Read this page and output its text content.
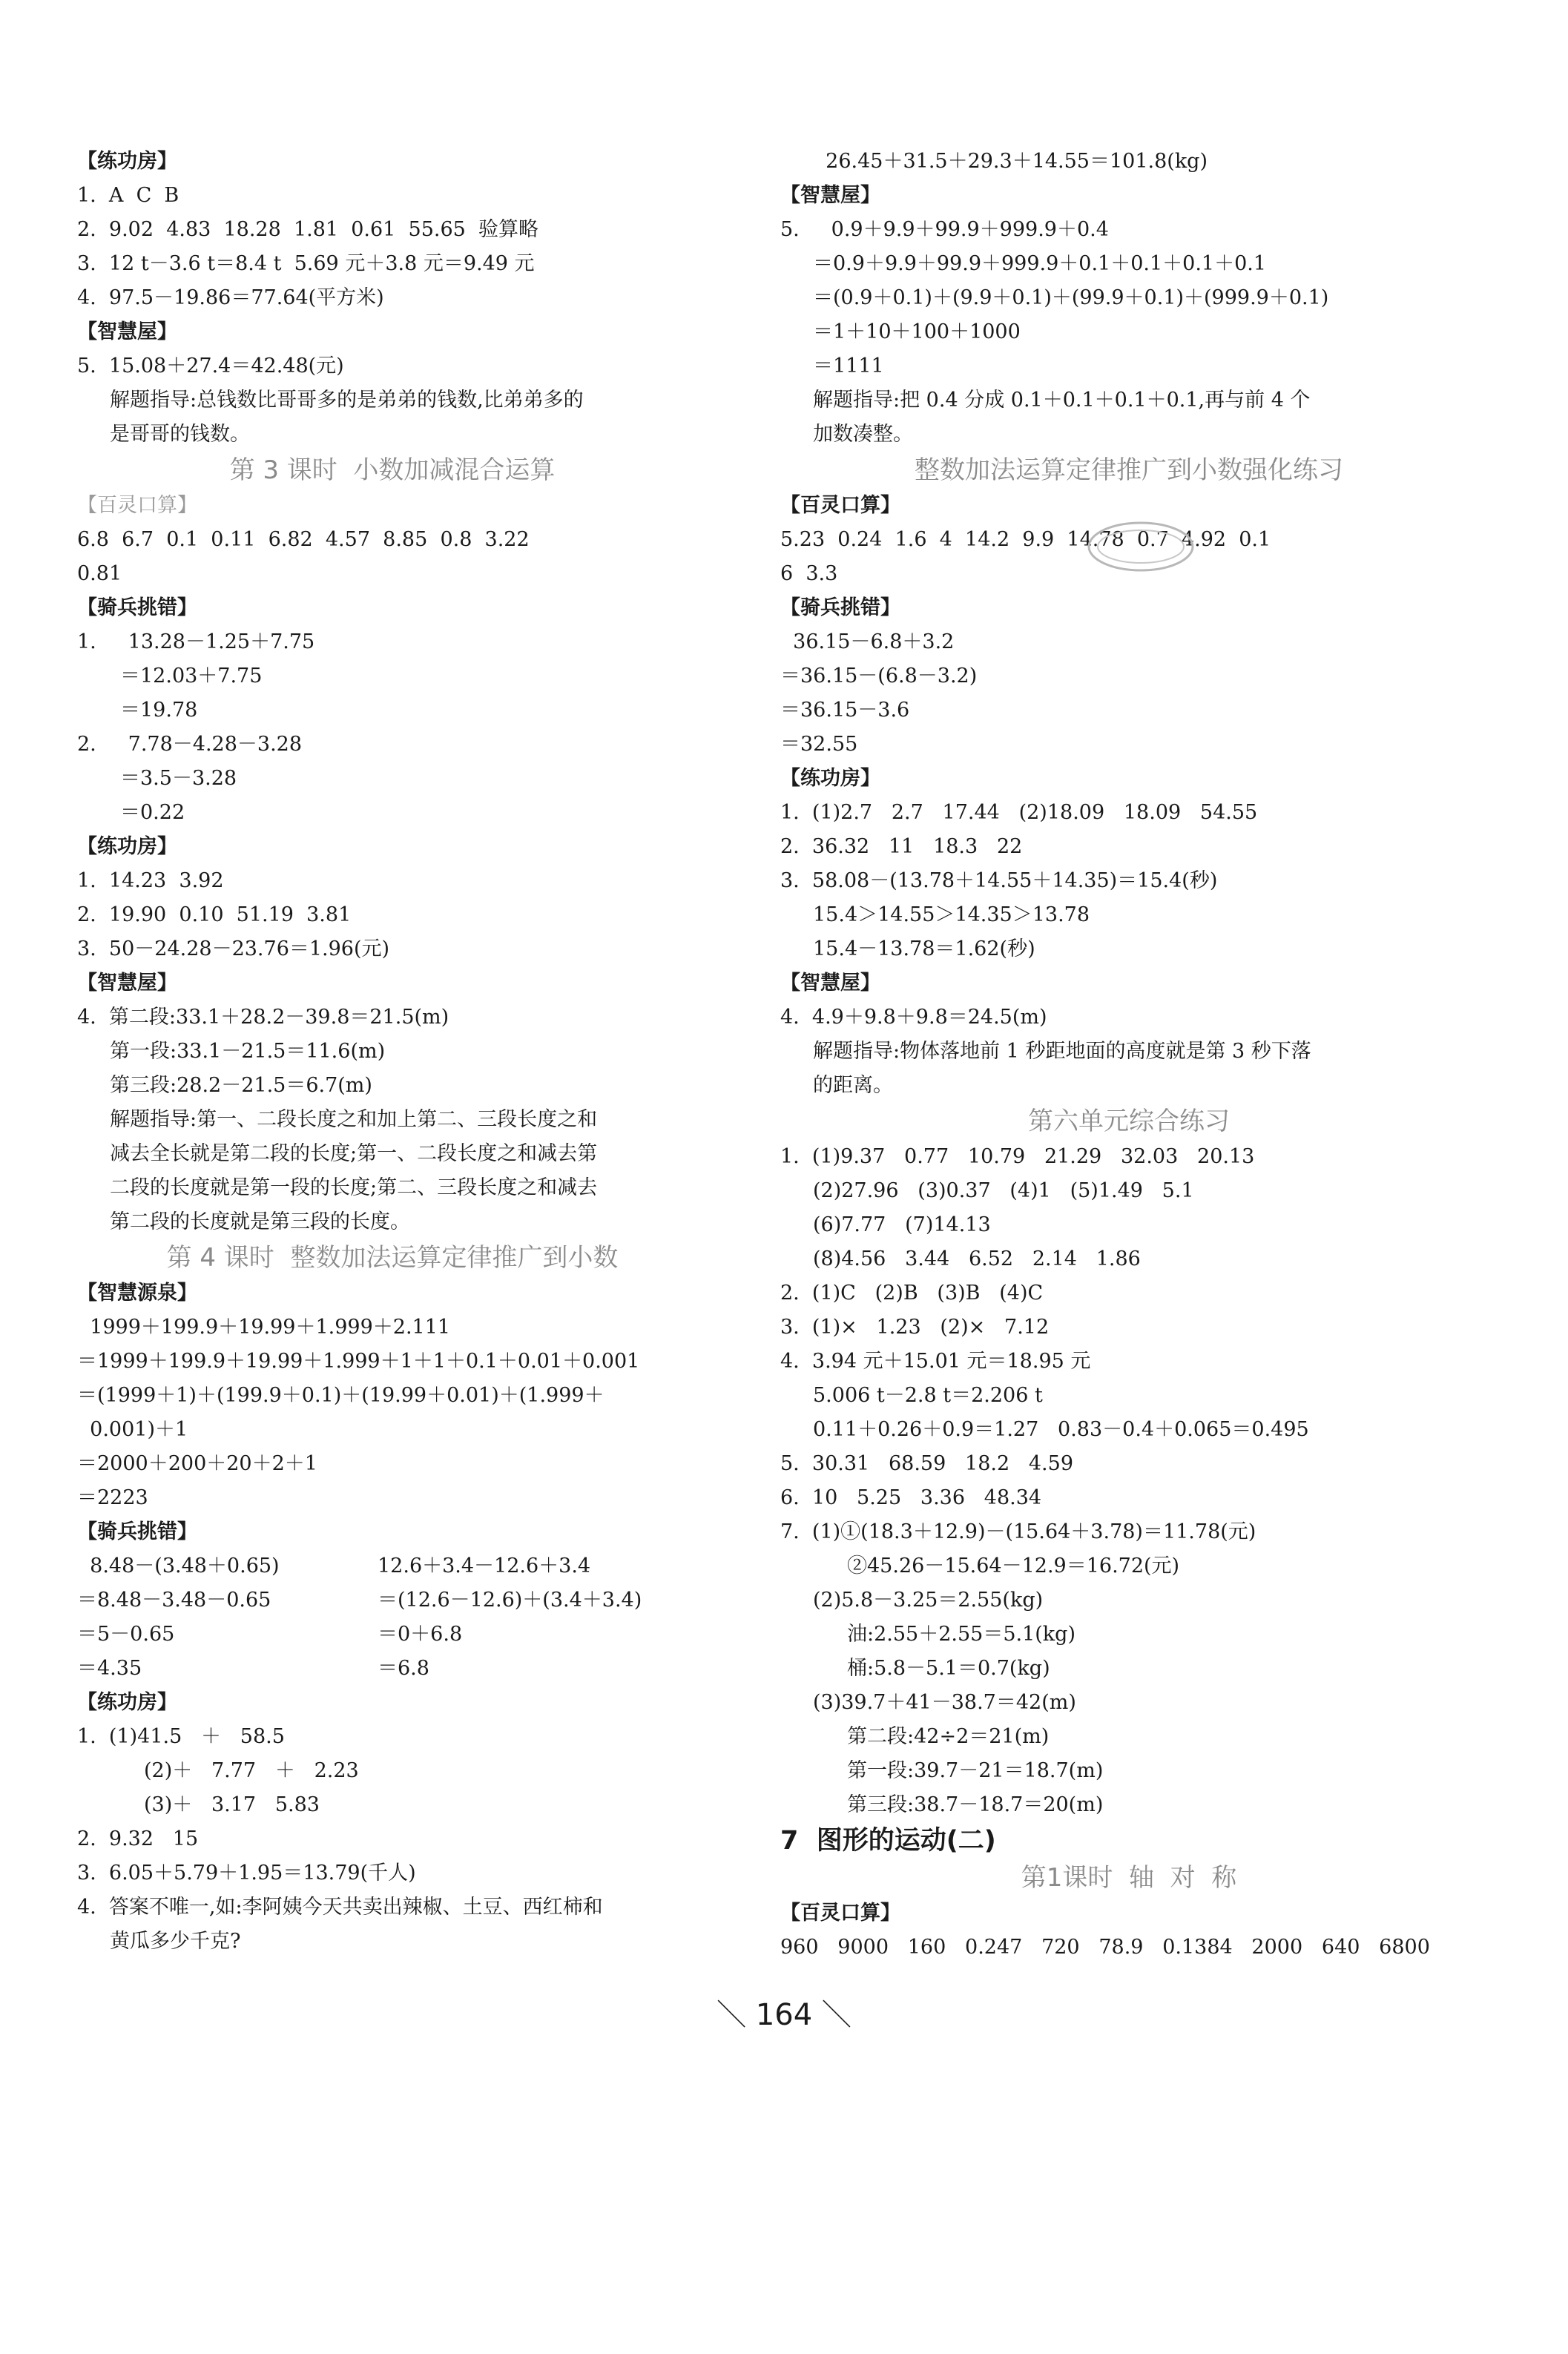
【练功房】
1.  A  C  B
2.  9.02  4.83  18.28  1.81  0.61  55.65  验算略
3.  12 t－3.6 t＝8.4 t  5.69 元＋3.8 元＝9.49 元
4.  97.5－19.86＝77.64(平方米)
【智慧屋】
5.  15.08＋27.4＝42.48(元)
解题指导:总钱数比哥哥多的是弟弟的钱数,比弟弟多的
是哥哥的钱数。
第 3 课时  小数加减混合运算
【百灵口算】
6.8  6.7  0.1  0.11  6.82  4.57  8.85  0.8  3.22
0.81
【骑兵挑错】
1.     13.28－1.25＋7.75
＝12.03＋7.75
＝19.78
2.     7.78－4.28－3.28
＝3.5－3.28
＝0.22
【练功房】
1.  14.23  3.92
2.  19.90  0.10  51.19  3.81
3.  50－24.28－23.76＝1.96(元)
【智慧屋】
4.  第二段:33.1＋28.2－39.8＝21.5(m)
第一段:33.1－21.5＝11.6(m)
第三段:28.2－21.5＝6.7(m)
解题指导:第一、二段长度之和加上第二、三段长度之和
减去全长就是第二段的长度;第一、二段长度之和减去第
二段的长度就是第一段的长度;第二、三段长度之和减去
第二段的长度就是第三段的长度。
第 4 课时  整数加法运算定律推广到小数
【智慧源泉】
1999＋199.9＋19.99＋1.999＋2.111
＝1999＋199.9＋19.99＋1.999＋1＋1＋0.1＋0.01＋0.001
＝(1999＋1)＋(199.9＋0.1)＋(19.99＋0.01)＋(1.999＋
0.001)＋1
＝2000＋200＋20＋2＋1
＝2223
【骑兵挑错】
8.48－(3.48＋0.65)	12.6＋3.4－12.6＋3.4
＝8.48－3.48－0.65	＝(12.6－12.6)＋(3.4＋3.4)
＝5－0.65	＝0＋6.8
＝4.35	＝6.8
【练功房】
1.  (1)41.5   ＋   58.5
(2)＋   7.77   ＋   2.23
(3)＋   3.17   5.83
2.  9.32   15
3.  6.05＋5.79＋1.95＝13.79(千人)
4.  答案不唯一,如:李阿姨今天共卖出辣椒、土豆、西红柿和
黄瓜多少千克?
26.45＋31.5＋29.3＋14.55＝101.8(kg)
【智慧屋】
5.     0.9＋9.9＋99.9＋999.9＋0.4
＝0.9＋9.9＋99.9＋999.9＋0.1＋0.1＋0.1＋0.1
＝(0.9＋0.1)＋(9.9＋0.1)＋(99.9＋0.1)＋(999.9＋0.1)
＝1＋10＋100＋1000
＝1111
解题指导:把 0.4 分成 0.1＋0.1＋0.1＋0.1,再与前 4 个
加数凑整。
整数加法运算定律推广到小数强化练习
【百灵口算】
5.23  0.24  1.6  4  14.2  9.9  14.78  0.7  4.92  0.1
6  3.3
【骑兵挑错】
36.15－6.8＋3.2
＝36.15－(6.8－3.2)
＝36.15－3.6
＝32.55
【练功房】
1.  (1)2.7   2.7   17.44   (2)18.09   18.09   54.55
2.  36.32   11   18.3   22
3.  58.08－(13.78＋14.55＋14.35)＝15.4(秒)
15.4＞14.55＞14.35＞13.78
15.4－13.78＝1.62(秒)
【智慧屋】
4.  4.9＋9.8＋9.8＝24.5(m)
解题指导:物体落地前 1 秒距地面的高度就是第 3 秒下落
的距离。
第六单元综合练习
1.  (1)9.37   0.77   10.79   21.29   32.03   20.13
(2)27.96   (3)0.37   (4)1   (5)1.49   5.1
(6)7.77   (7)14.13
(8)4.56   3.44   6.52   2.14   1.86
2.  (1)C   (2)B   (3)B   (4)C
3.  (1)×   1.23   (2)×   7.12
4.  3.94 元＋15.01 元＝18.95 元
5.006 t－2.8 t＝2.206 t
0.11＋0.26＋0.9＝1.27   0.83－0.4＋0.065＝0.495
5.  30.31   68.59   18.2   4.59
6.  10   5.25   3.36   48.34
7.  (1)①(18.3＋12.9)－(15.64＋3.78)＝11.78(元)
②45.26－15.64－12.9＝16.72(元)
(2)5.8－3.25＝2.55(kg)
油:2.55＋2.55＝5.1(kg)
桶:5.8－5.1＝0.7(kg)
(3)39.7＋41－38.7＝42(m)
第二段:42÷2＝21(m)
第一段:39.7－21＝18.7(m)
第三段:38.7－18.7＝20(m)
7  图形的运动(二)
第1课时  轴  对  称
【百灵口算】
960   9000   160   0.247   720   78.9   0.1384   2000   640   6800
＼ 164 ＼
